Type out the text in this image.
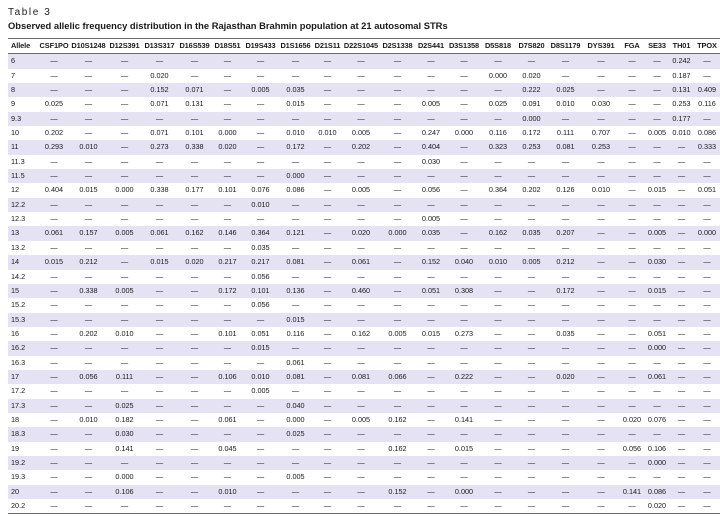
Table 3
Observed allelic frequency distribution in the Rajasthan Brahmin population at 21 autosomal STRs
Allele	CSF1PO	D10S1248	D12S391	D13S317	D16S539	D18S51	D19S433	D1S1656	D21S11	D22S1045	D2S1338	D2S441	D3S1358	D5S818	D7S820	D8S1179	DYS391	FGA	SE33	TH01	TPOX
6	—	—	—	—	—	—	—	—	—	—	—	—	—	—	—	—	—	—	—	0.242	—
7	—	—	—	0.020	—	—	—	—	—	—	—	—	—	0.000	0.020	—	—	—	—	0.187	—
8	—	—	—	0.152	0.071	—	0.005	0.035	—	—	—	—	—	—	0.222	0.025	—	—	—	0.131	0.409
9	0.025	—	—	0.071	0.131	—	—	0.015	—	—	—	0.005	—	0.025	0.091	0.010	0.030	—	—	0.253	0.116
9.3	—	—	—	—	—	—	—	—	—	—	—	—	—	—	0.000	—	—	—	—	0.177	—
10	0.202	—	—	0.071	0.101	0.000	—	0.010	0.010	0.005	—	0.247	0.000	0.116	0.172	0.111	0.707	—	0.005	0.010	0.086
11	0.293	0.010	—	0.273	0.338	0.020	—	0.172	—	0.202	—	0.404	—	0.323	0.253	0.081	0.253	—	—	—	0.333
11.3	—	—	—	—	—	—	—	—	—	—	—	0.030	—	—	—	—	—	—	—	—	—
11.5	—	—	—	—	—	—	—	0.000	—	—	—	—	—	—	—	—	—	—	—	—	—
12	0.404	0.015	0.000	0.338	0.177	0.101	0.076	0.086	—	0.005	—	0.056	—	0.364	0.202	0.126	0.010	—	0.015	—	0.051
12.2	—	—	—	—	—	—	0.010	—	—	—	—	—	—	—	—	—	—	—	—	—	—
12.3	—	—	—	—	—	—	—	—	—	—	—	0.005	—	—	—	—	—	—	—	—	—
13	0.061	0.157	0.005	0.061	0.162	0.146	0.364	0.121	—	0.020	0.000	0.035	—	0.162	0.035	0.207	—	—	0.005	—	0.000
13.2	—	—	—	—	—	—	0.035	—	—	—	—	—	—	—	—	—	—	—	—	—	—
14	0.015	0.212	—	0.015	0.020	0.217	0.217	0.081	—	0.061	—	0.152	0.040	0.010	0.005	0.212	—	—	0.030	—	—
14.2	—	—	—	—	—	—	0.056	—	—	—	—	—	—	—	—	—	—	—	—	—	—
15	—	0.338	0.005	—	—	0.172	0.101	0.136	—	0.460	—	0.051	0.308	—	—	0.172	—	—	0.015	—	—
15.2	—	—	—	—	—	—	0.056	—	—	—	—	—	—	—	—	—	—	—	—	—	—
15.3	—	—	—	—	—	—	—	0.015	—	—	—	—	—	—	—	—	—	—	—	—	—
16	—	0.202	0.010	—	—	0.101	0.051	0.116	—	0.162	0.005	0.015	0.273	—	—	0.035	—	—	0.051	—	—
16.2	—	—	—	—	—	—	0.015	—	—	—	—	—	—	—	—	—	—	—	0.000	—	—
16.3	—	—	—	—	—	—	—	0.061	—	—	—	—	—	—	—	—	—	—	—	—	—
17	—	0.056	0.111	—	—	0.106	0.010	0.081	—	0.081	0.066	—	0.222	—	—	0.020	—	—	0.061	—	—
17.2	—	—	—	—	—	—	0.005	—	—	—	—	—	—	—	—	—	—	—	—	—	—
17.3	—	—	0.025	—	—	—	—	0.040	—	—	—	—	—	—	—	—	—	—	—	—	—
18	—	0.010	0.182	—	—	0.061	—	0.000	—	0.005	0.162	—	0.141	—	—	—	—	0.020	0.076	—	—
18.3	—	—	0.030	—	—	—	—	0.025	—	—	—	—	—	—	—	—	—	—	—	—	—
19	—	—	0.141	—	—	0.045	—	—	—	—	0.162	—	0.015	—	—	—	—	0.056	0.106	—	—
19.2	—	—	—	—	—	—	—	—	—	—	—	—	—	—	—	—	—	—	0.000	—	—
19.3	—	—	0.000	—	—	—	—	0.005	—	—	—	—	—	—	—	—	—	—	—	—	—
20	—	—	0.106	—	—	0.010	—	—	—	—	0.152	—	0.000	—	—	—	—	0.141	0.086	—	—
20.2	—	—	—	—	—	—	—	—	—	—	—	—	—	—	—	—	—	—	0.020	—	—
